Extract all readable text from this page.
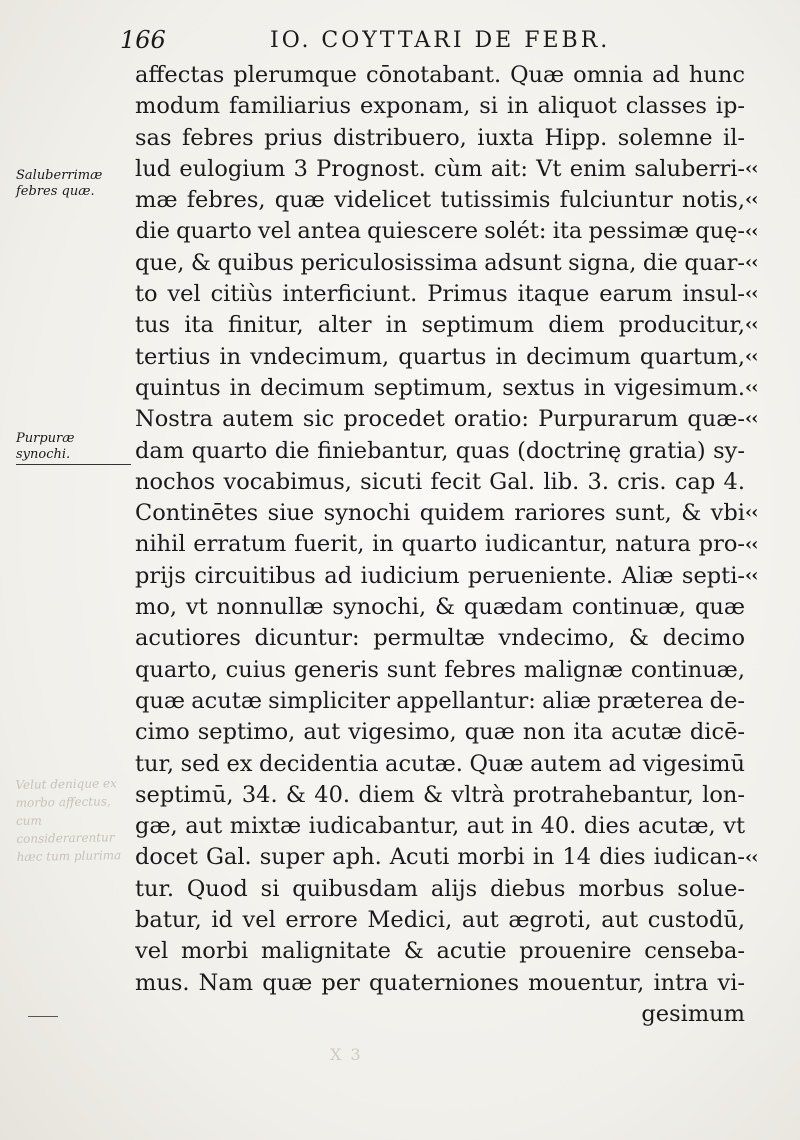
166	IO. COYTTARI DE FEBR.
Saluberrimæ febres quæ.
Purpuræ synochi.
Velut denique ex morbo affectus, cum considerarentur hæc tum plurima
X 3
affectas plerumque cōnotabant. Quæ omnia ad hunc
modum familiarius exponam, si in aliquot classes ip-
sas febres prius distribuero, iuxta Hipp. solemne il-
lud eulogium 3 Prognost. cùm ait: Vt enim saluberri-
mæ febres, quæ videlicet tutissimis fulciuntur notis,
die quarto vel antea quiescere solét: ita pessimæ quę-
que, & quibus periculosissima adsunt signa, die quar-
to vel citiùs interficiunt. Primus itaque earum insul-
tus ita finitur, alter in septimum diem producitur,
tertius in vndecimum, quartus in decimum quartum,
quintus in decimum septimum, sextus in vigesimum.
Nostra autem sic procedet oratio: Purpurarum quæ-
dam quarto die finiebantur, quas (doctrinę gratia) sy-
nochos vocabimus, sicuti fecit Gal. lib. 3. cris. cap 4.
Continētes siue synochi quidem rariores sunt, & vbi
nihil erratum fuerit, in quarto iudicantur, natura pro-
prijs circuitibus ad iudicium perueniente. Aliæ septi-
mo, vt nonnullæ synochi, & quædam continuæ, quæ
acutiores dicuntur: permultæ vndecimo, & decimo
quarto, cuius generis sunt febres malignæ continuæ,
quæ acutæ simpliciter appellantur: aliæ præterea de-
cimo septimo, aut vigesimo, quæ non ita acutæ dicē-
tur, sed ex decidentia acutæ. Quæ autem ad vigesimū
septimū, 34. & 40. diem & vltrà protrahebantur, lon-
gæ, aut mixtæ iudicabantur, aut in 40. dies acutæ, vt
docet Gal. super aph. Acuti morbi in 14 dies iudican-
tur. Quod si quibusdam alijs diebus morbus solue-
batur, id vel errore Medici, aut ægroti, aut custodū,
vel morbi malignitate & acutie prouenire censeba-
mus. Nam quæ per quaterniones mouentur, intra vi-
gesimum
‹‹
‹‹
‹‹
‹‹
‹‹
‹‹
‹‹
‹‹
‹‹
‹‹
‹‹
‹‹
‹‹
